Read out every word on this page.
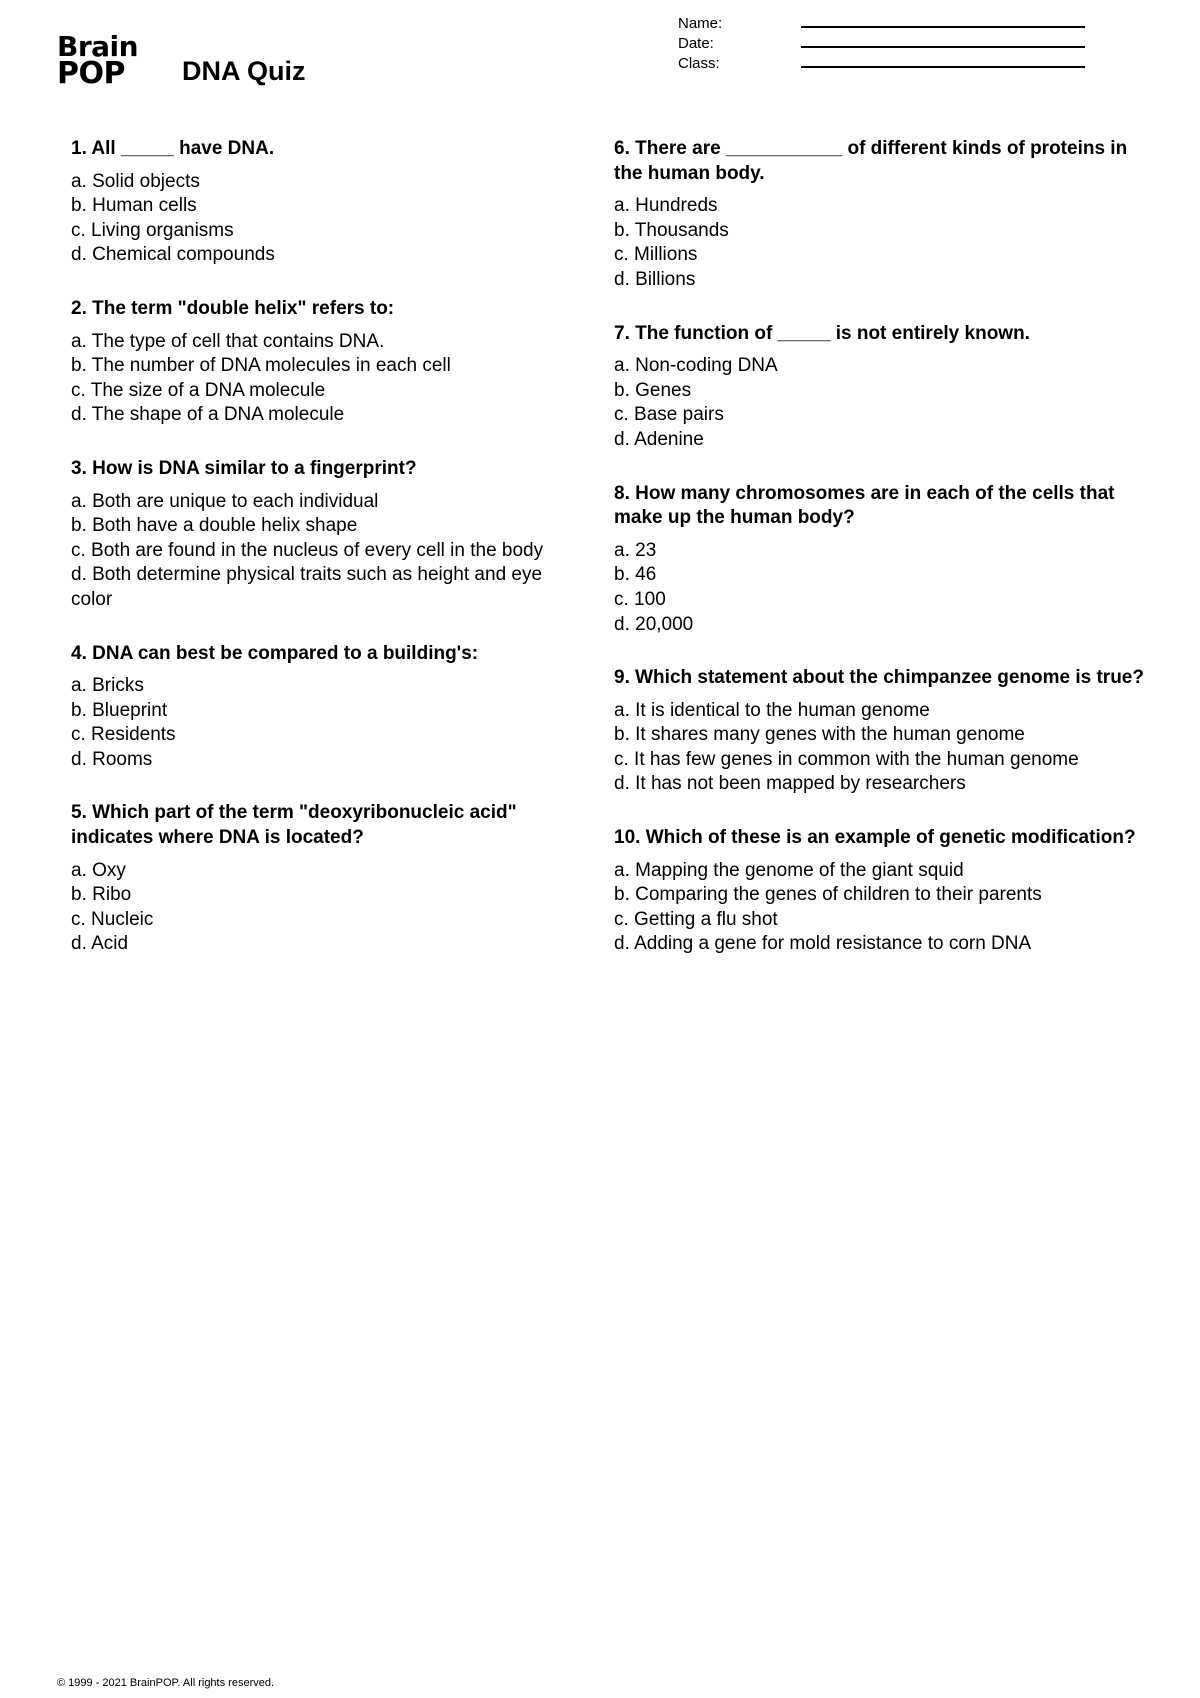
Brain
POP	DNA Quiz
Name:
Date:
Class:
1. All _____ have DNA.
a. Solid objects
b. Human cells
c. Living organisms
d. Chemical compounds
2. The term "double helix" refers to:
a. The type of cell that contains DNA.
b. The number of DNA molecules in each cell
c. The size of a DNA molecule
d. The shape of a DNA molecule
3. How is DNA similar to a fingerprint?
a. Both are unique to each individual
b. Both have a double helix shape
c. Both are found in the nucleus of every cell in the body
d. Both determine physical traits such as height and eye color
4. DNA can best be compared to a building's:
a. Bricks
b. Blueprint
c. Residents
d. Rooms
5. Which part of the term "deoxyribonucleic acid" indicates where DNA is located?
a. Oxy
b. Ribo
c. Nucleic
d. Acid
6. There are ___________ of different kinds of proteins in the human body.
a. Hundreds
b. Thousands
c. Millions
d. Billions
7. The function of _____ is not entirely known.
a. Non-coding DNA
b. Genes
c. Base pairs
d. Adenine
8. How many chromosomes are in each of the cells that make up the human body?
a. 23
b. 46
c. 100
d. 20,000
9. Which statement about the chimpanzee genome is true?
a. It is identical to the human genome
b. It shares many genes with the human genome
c. It has few genes in common with the human genome
d. It has not been mapped by researchers
10. Which of these is an example of genetic modification?
a. Mapping the genome of the giant squid
b. Comparing the genes of children to their parents
c. Getting a flu shot
d. Adding a gene for mold resistance to corn DNA
© 1999 - 2021 BrainPOP. All rights reserved.
